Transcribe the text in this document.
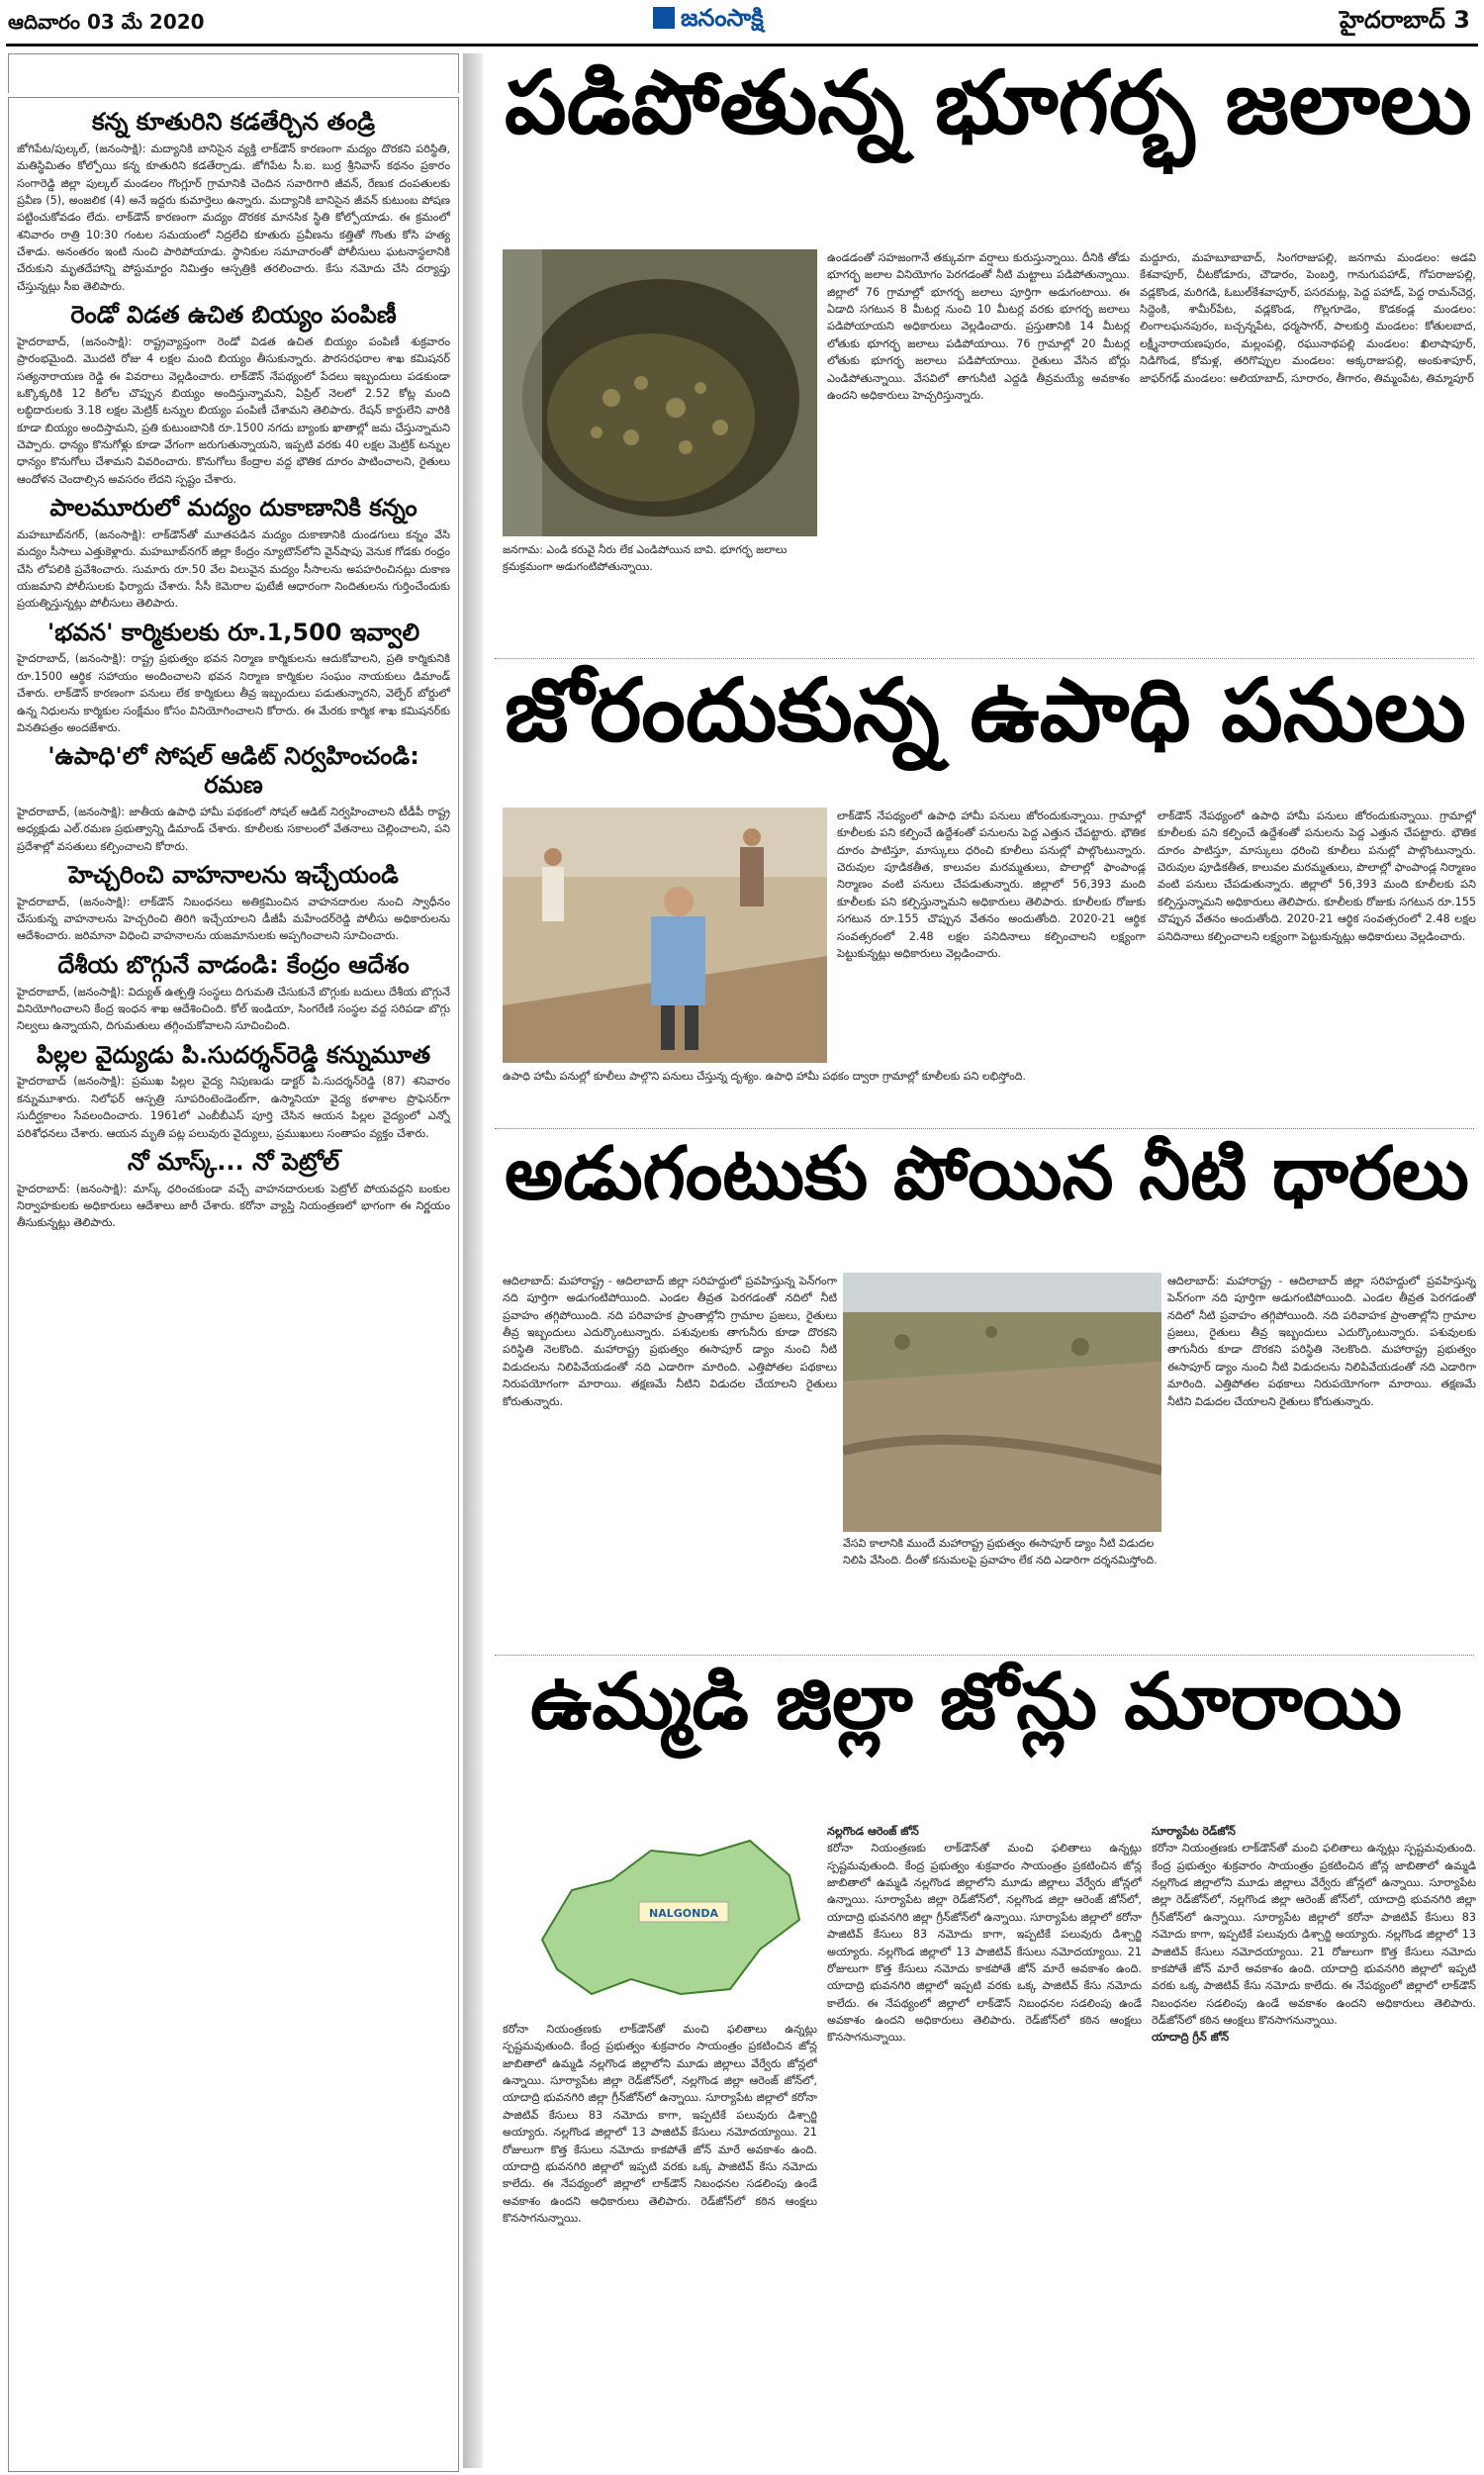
ఆదివారం 03 మే 2020	జనంసాక్షి	హైదరాబాద్ 3
కన్న కూతురిని కడతేర్చిన తండ్రి

జోగిపేట/పుల్కల్‌, (జనంసాక్షి): మద్యానికి బానిసైన వ్యక్తి లాక్‌డౌన్‌ కారణంగా మద్యం దొరకని పరిస్థితి, మతిస్థిమితం కోల్పోయి కన్న కూతురిని కడతేర్చాడు. జోగిపేట సీ.ఐ. బుర్ర శ్రీనివాస్‌ కథనం ప్రకారం సంగారెడ్డి జిల్లా పుల్కల్‌ మండలం గొంగ్లూర్‌ గ్రామానికి చెందిన సవారిగారి జీవన్‌, రేణుక దంపతులకు ప్రవీణ (5), అంజలిక (4) అనే ఇద్దరు కుమార్తెలు ఉన్నారు. మద్యానికి బానిసైన జీవన్‌ కుటుంబ పోషణ పట్టించుకోవడం లేదు. లాక్‌డౌన్‌ కారణంగా మద్యం దొరకక మానసిక స్థితి కోల్పోయాడు. ఈ క్రమంలో శనివారం రాత్రి 10:30 గంటల సమయంలో నిద్రలేచి కూతురు ప్రవీణను కత్తితో గొంతు కోసి హత్య చేశాడు. అనంతరం ఇంటి నుంచి పారిపోయాడు. స్థానికుల సమాచారంతో పోలీసులు ఘటనాస్థలానికి చేరుకుని మృతదేహాన్ని పోస్టుమార్టం నిమిత్తం ఆస్పత్రికి తరలించారు. కేసు నమోదు చేసి దర్యాప్తు చేస్తున్నట్లు సీఐ తెలిపారు.

రెండో విడత ఉచిత బియ్యం పంపిణీ

హైదరాబాద్‌, (జనంసాక్షి): రాష్ట్రవ్యాప్తంగా రెండో విడత ఉచిత బియ్యం పంపిణీ శుక్రవారం ప్రారంభమైంది. మొదటి రోజు 4 లక్షల మంది బియ్యం తీసుకున్నారు. పౌరసరఫరాల శాఖ కమిషనర్‌ సత్యనారాయణ రెడ్డి ఈ వివరాలు వెల్లడించారు. లాక్‌డౌన్‌ నేపథ్యంలో పేదలు ఇబ్బందులు పడకుండా ఒక్కొక్కరికి 12 కిలోల చొప్పున బియ్యం అందిస్తున్నామని, ఏప్రిల్‌ నెలలో 2.52 కోట్ల మంది లబ్ధిదారులకు 3.18 లక్షల మెట్రిక్‌ టన్నుల బియ్యం పంపిణీ చేశామని తెలిపారు. రేషన్‌ కార్డులేని వారికి కూడా బియ్యం అందిస్తామని, ప్రతి కుటుంబానికి రూ.1500 నగదు బ్యాంకు ఖాతాల్లో జమ చేస్తున్నామని చెప్పారు. ధాన్యం కొనుగోళ్లు కూడా వేగంగా జరుగుతున్నాయని, ఇప్పటి వరకు 40 లక్షల మెట్రిక్‌ టన్నుల ధాన్యం కొనుగోలు చేశామని వివరించారు. కొనుగోలు కేంద్రాల వద్ద భౌతిక దూరం పాటించాలని, రైతులు ఆందోళన చెందాల్సిన అవసరం లేదని స్పష్టం చేశారు.

పాలమూరులో మద్యం దుకాణానికి కన్నం

మహబూబ్‌నగర్‌, (జనంసాక్షి): లాక్‌డౌన్‌తో మూతపడిన మద్యం దుకాణానికి దుండగులు కన్నం వేసి మద్యం సీసాలు ఎత్తుకెళ్లారు. మహబూబ్‌నగర్‌ జిల్లా కేంద్రం న్యూటౌన్‌లోని వైన్‌షాపు వెనుక గోడకు రంధ్రం చేసి లోపలికి ప్రవేశించారు. సుమారు రూ.50 వేల విలువైన మద్యం సీసాలను అపహరించినట్లు దుకాణ యజమాని పోలీసులకు ఫిర్యాదు చేశారు. సీసీ కెమెరాల ఫుటేజీ ఆధారంగా నిందితులను గుర్తించేందుకు ప్రయత్నిస్తున్నట్లు పోలీసులు తెలిపారు.

'భవన' కార్మికులకు రూ.1,500 ఇవ్వాలి

హైదరాబాద్‌, (జనంసాక్షి): రాష్ట్ర ప్రభుత్వం భవన నిర్మాణ కార్మికులను ఆదుకోవాలని, ప్రతి కార్మికునికి రూ.1500 ఆర్థిక సహాయం అందించాలని భవన నిర్మాణ కార్మికుల సంఘం నాయకులు డిమాండ్‌ చేశారు. లాక్‌డౌన్‌ కారణంగా పనులు లేక కార్మికులు తీవ్ర ఇబ్బందులు పడుతున్నారని, వెల్ఫేర్‌ బోర్డులో ఉన్న నిధులను కార్మికుల సంక్షేమం కోసం వినియోగించాలని కోరారు. ఈ మేరకు కార్మిక శాఖ కమిషనర్‌కు వినతిపత్రం అందజేశారు.

'ఉపాధి'లో సోషల్‌ ఆడిట్‌ నిర్వహించండి: రమణ

హైదరాబాద్‌, (జనంసాక్షి): జాతీయ ఉపాధి హామీ పథకంలో సోషల్‌ ఆడిట్‌ నిర్వహించాలని టీడీపీ రాష్ట్ర అధ్యక్షుడు ఎల్‌.రమణ ప్రభుత్వాన్ని డిమాండ్‌ చేశారు. కూలీలకు సకాలంలో వేతనాలు చెల్లించాలని, పని ప్రదేశాల్లో వసతులు కల్పించాలని కోరారు.

హెచ్చరించి వాహనాలను ఇచ్చేయండి

హైదరాబాద్‌, (జనంసాక్షి): లాక్‌డౌన్‌ నిబంధనలు అతిక్రమించిన వాహనదారుల నుంచి స్వాధీనం చేసుకున్న వాహనాలను హెచ్చరించి తిరిగి ఇచ్చేయాలని డీజీపీ మహేందర్‌రెడ్డి పోలీసు అధికారులను ఆదేశించారు. జరిమానా విధించి వాహనాలను యజమానులకు అప్పగించాలని సూచించారు.

దేశీయ బొగ్గునే వాడండి: కేంద్రం ఆదేశం

హైదరాబాద్‌, (జనంసాక్షి): విద్యుత్‌ ఉత్పత్తి సంస్థలు దిగుమతి చేసుకునే బొగ్గుకు బదులు దేశీయ బొగ్గునే వినియోగించాలని కేంద్ర ఇంధన శాఖ ఆదేశించింది. కోల్‌ ఇండియా, సింగరేణి సంస్థల వద్ద సరిపడా బొగ్గు నిల్వలు ఉన్నాయని, దిగుమతులు తగ్గించుకోవాలని సూచించింది.

పిల్లల వైద్యుడు పి.సుదర్శన్‌రెడ్డి కన్నుమూత

హైదరాబాద్‌ (జనంసాక్షి): ప్రముఖ పిల్లల వైద్య నిపుణుడు డాక్టర్‌ పి.సుదర్శన్‌రెడ్డి (87) శనివారం కన్నుమూశారు. నిలోఫర్‌ ఆస్పత్రి సూపరింటెండెంట్‌గా, ఉస్మానియా వైద్య కళాశాల ప్రొఫెసర్‌గా సుదీర్ఘకాలం సేవలందించారు. 1961లో ఎంబీబీఎస్‌ పూర్తి చేసిన ఆయన పిల్లల వైద్యంలో ఎన్నో పరిశోధనలు చేశారు. ఆయన మృతి పట్ల పలువురు వైద్యులు, ప్రముఖులు సంతాపం వ్యక్తం చేశారు.

నో మాస్క్‌... నో పెట్రోల్‌

హైదరాబాద్‌: (జనంసాక్షి): మాస్క్‌ ధరించకుండా వచ్చే వాహనదారులకు పెట్రోల్‌ పోయవద్దని బంకుల నిర్వాహకులకు అధికారులు ఆదేశాలు జారీ చేశారు. కరోనా వ్యాప్తి నియంత్రణలో భాగంగా ఈ నిర్ణయం తీసుకున్నట్లు తెలిపారు.

పడిపోతున్న భూగర్భ జలాలు
జనగామ: ఎండి కరువై నీరు లేక ఎండిపోయిన బావి. భూగర్భ జలాలు క్రమక్రమంగా అడుగంటిపోతున్నాయి.
ఉండడంతో సహజంగానే తక్కువగా వర్షాలు కురుస్తున్నాయి. దీనికి తోడు భూగర్భ జలాల వినియోగం పెరగడంతో నీటి మట్టాలు పడిపోతున్నాయి. జిల్లాలో 76 గ్రామాల్లో భూగర్భ జలాలు పూర్తిగా అడుగంటాయి. ఈ ఏడాది సగటున 8 మీటర్ల నుంచి 10 మీటర్ల వరకు భూగర్భ జలాలు పడిపోయాయని అధికారులు వెల్లడించారు. ప్రస్తుతానికి 14 మీటర్ల లోతుకు భూగర్భ జలాలు పడిపోయాయి. 76 గ్రామాల్లో 20 మీటర్ల లోతుకు భూగర్భ జలాలు పడిపోయాయి. రైతులు వేసిన బోర్లు ఎండిపోతున్నాయి. వేసవిలో తాగునీటి ఎద్దడి తీవ్రమయ్యే అవకాశం ఉందని అధికారులు హెచ్చరిస్తున్నారు.
మద్దూరు, మహబూబాబాద్‌, సింగరాజుపల్లి, జనగామ మండలం: అడవి కేశవాపూర్‌, చీటకోడూరు, చౌడారం, పెంబర్తి, గానుగుపహాడ్‌, గోపరాజుపల్లి, వడ్లకొండ, మరిగడి, ఓబుల్‌కేశవాపూర్‌, పసరమట్ల, పెద్ద పహాడ్‌, పెద్ద రామన్‌చెర్ల, సిద్దెంకి, శామీర్‌పేట, వడ్లకొండ, గొల్లగూడెం, కొడకండ్ల మండలం: లింగాలఘనపురం, బచ్చన్నపేట, ధర్మసాగర్‌, పాలకుర్తి మండలం: కోతులబాద, లక్ష్మీనారాయణపురం, మల్లంపల్లి, రఘునాథపల్లి మండలం: ఖిలాషాపూర్‌, నిడిగొండ, కోమళ్ల, తరిగొప్పుల మండలం: అక్కరాజుపల్లి, అంకుశాపూర్‌, జాఫర్‌గఢ్‌ మండలం: అలియాబాద్‌, సూరారం, తీగారం, తిమ్మంపేట, తిమ్మాపూర్‌
జోరందుకున్న ఉపాధి పనులు
ఉపాధి హామీ పనుల్లో కూలీలు పాల్గొని పనులు చేస్తున్న దృశ్యం. ఉపాధి హామీ పథకం ద్వారా గ్రామాల్లో కూలీలకు పని లభిస్తోంది.
లాక్‌డౌన్‌ నేపథ్యంలో ఉపాధి హామీ పనులు జోరందుకున్నాయి. గ్రామాల్లో కూలీలకు పని కల్పించే ఉద్దేశంతో పనులను పెద్ద ఎత్తున చేపట్టారు. భౌతిక దూరం పాటిస్తూ, మాస్కులు ధరించి కూలీలు పనుల్లో పాల్గొంటున్నారు. చెరువుల పూడికతీత, కాలువల మరమ్మతులు, పొలాల్లో ఫాంపాండ్ల నిర్మాణం వంటి పనులు చేపడుతున్నారు. జిల్లాలో 56,393 మంది కూలీలకు పని కల్పిస్తున్నామని అధికారులు తెలిపారు. కూలీలకు రోజుకు సగటున రూ.155 చొప్పున వేతనం అందుతోంది. 2020-21 ఆర్థిక సంవత్సరంలో 2.48 లక్షల పనిదినాలు కల్పించాలని లక్ష్యంగా పెట్టుకున్నట్లు అధికారులు వెల్లడించారు.
లాక్‌డౌన్‌ నేపథ్యంలో ఉపాధి హామీ పనులు జోరందుకున్నాయి. గ్రామాల్లో కూలీలకు పని కల్పించే ఉద్దేశంతో పనులను పెద్ద ఎత్తున చేపట్టారు. భౌతిక దూరం పాటిస్తూ, మాస్కులు ధరించి కూలీలు పనుల్లో పాల్గొంటున్నారు. చెరువుల పూడికతీత, కాలువల మరమ్మతులు, పొలాల్లో ఫాంపాండ్ల నిర్మాణం వంటి పనులు చేపడుతున్నారు. జిల్లాలో 56,393 మంది కూలీలకు పని కల్పిస్తున్నామని అధికారులు తెలిపారు. కూలీలకు రోజుకు సగటున రూ.155 చొప్పున వేతనం అందుతోంది. 2020-21 ఆర్థిక సంవత్సరంలో 2.48 లక్షల పనిదినాలు కల్పించాలని లక్ష్యంగా పెట్టుకున్నట్లు అధికారులు వెల్లడించారు.
అడుగంటుకు పోయిన నీటి ధారలు
ఆదిలాబాద్‌: మహారాష్ట్ర - ఆదిలాబాద్‌ జిల్లా సరిహద్దులో ప్రవహిస్తున్న పెన్‌గంగా నది పూర్తిగా అడుగంటిపోయింది. ఎండల తీవ్రత పెరగడంతో నదిలో నీటి ప్రవాహం తగ్గిపోయింది. నది పరివాహక ప్రాంతాల్లోని గ్రామాల ప్రజలు, రైతులు తీవ్ర ఇబ్బందులు ఎదుర్కొంటున్నారు. పశువులకు తాగునీరు కూడా దొరకని పరిస్థితి నెలకొంది. మహారాష్ట్ర ప్రభుత్వం ఈసాపూర్‌ డ్యాం నుంచి నీటి విడుదలను నిలిపివేయడంతో నది ఎడారిగా మారింది. ఎత్తిపోతల పథకాలు నిరుపయోగంగా మారాయి. తక్షణమే నీటిని విడుదల చేయాలని రైతులు కోరుతున్నారు.
వేసవి కాలానికి ముందే మహారాష్ట్ర ప్రభుత్వం ఈసాపూర్‌ డ్యాం నీటి విడుదల నిలిపి వేసింది. దీంతో కనుమలపై ప్రవాహం లేక నది ఎడారిగా దర్శనమిస్తోంది.
ఆదిలాబాద్‌: మహారాష్ట్ర - ఆదిలాబాద్‌ జిల్లా సరిహద్దులో ప్రవహిస్తున్న పెన్‌గంగా నది పూర్తిగా అడుగంటిపోయింది. ఎండల తీవ్రత పెరగడంతో నదిలో నీటి ప్రవాహం తగ్గిపోయింది. నది పరివాహక ప్రాంతాల్లోని గ్రామాల ప్రజలు, రైతులు తీవ్ర ఇబ్బందులు ఎదుర్కొంటున్నారు. పశువులకు తాగునీరు కూడా దొరకని పరిస్థితి నెలకొంది. మహారాష్ట్ర ప్రభుత్వం ఈసాపూర్‌ డ్యాం నుంచి నీటి విడుదలను నిలిపివేయడంతో నది ఎడారిగా మారింది. ఎత్తిపోతల పథకాలు నిరుపయోగంగా మారాయి. తక్షణమే నీటిని విడుదల చేయాలని రైతులు కోరుతున్నారు.
ఉమ్మడి జిల్లా జోన్లు మారాయి
NALGONDA
కరోనా నియంత్రణకు లాక్‌డౌన్‌తో మంచి ఫలితాలు ఉన్నట్లు స్పష్టమవుతుంది. కేంద్ర ప్రభుత్వం శుక్రవారం సాయంత్రం ప్రకటించిన జోన్ల జాబితాలో ఉమ్మడి నల్లగొండ జిల్లాలోని మూడు జిల్లాలు వేర్వేరు జోన్లలో ఉన్నాయి. సూర్యాపేట జిల్లా రెడ్‌జోన్‌లో, నల్లగొండ జిల్లా ఆరెంజ్‌ జోన్‌లో, యాదాద్రి భువనగిరి జిల్లా గ్రీన్‌జోన్‌లో ఉన్నాయి. సూర్యాపేట జిల్లాలో కరోనా పాజిటివ్‌ కేసులు 83 నమోదు కాగా, ఇప్పటికే పలువురు డిశ్చార్జి అయ్యారు. నల్లగొండ జిల్లాలో 13 పాజిటివ్‌ కేసులు నమోదయ్యాయి. 21 రోజులుగా కొత్త కేసులు నమోదు కాకపోతే జోన్‌ మారే అవకాశం ఉంది. యాదాద్రి భువనగిరి జిల్లాలో ఇప్పటి వరకు ఒక్క పాజిటివ్‌ కేసు నమోదు కాలేదు. ఈ నేపథ్యంలో జిల్లాలో లాక్‌డౌన్‌ నిబంధనల సడలింపు ఉండే అవకాశం ఉందని అధికారులు తెలిపారు. రెడ్‌జోన్‌లో కఠిన ఆంక్షలు కొనసాగనున్నాయి.
నల్లగొండ ఆరెంజ్‌ జోన్‌
కరోనా నియంత్రణకు లాక్‌డౌన్‌తో మంచి ఫలితాలు ఉన్నట్లు స్పష్టమవుతుంది. కేంద్ర ప్రభుత్వం శుక్రవారం సాయంత్రం ప్రకటించిన జోన్ల జాబితాలో ఉమ్మడి నల్లగొండ జిల్లాలోని మూడు జిల్లాలు వేర్వేరు జోన్లలో ఉన్నాయి. సూర్యాపేట జిల్లా రెడ్‌జోన్‌లో, నల్లగొండ జిల్లా ఆరెంజ్‌ జోన్‌లో, యాదాద్రి భువనగిరి జిల్లా గ్రీన్‌జోన్‌లో ఉన్నాయి. సూర్యాపేట జిల్లాలో కరోనా పాజిటివ్‌ కేసులు 83 నమోదు కాగా, ఇప్పటికే పలువురు డిశ్చార్జి అయ్యారు. నల్లగొండ జిల్లాలో 13 పాజిటివ్‌ కేసులు నమోదయ్యాయి. 21 రోజులుగా కొత్త కేసులు నమోదు కాకపోతే జోన్‌ మారే అవకాశం ఉంది. యాదాద్రి భువనగిరి జిల్లాలో ఇప్పటి వరకు ఒక్క పాజిటివ్‌ కేసు నమోదు కాలేదు. ఈ నేపథ్యంలో జిల్లాలో లాక్‌డౌన్‌ నిబంధనల సడలింపు ఉండే అవకాశం ఉందని అధికారులు తెలిపారు. రెడ్‌జోన్‌లో కఠిన ఆంక్షలు కొనసాగనున్నాయి.
సూర్యాపేట రెడ్‌జోన్‌
కరోనా నియంత్రణకు లాక్‌డౌన్‌తో మంచి ఫలితాలు ఉన్నట్లు స్పష్టమవుతుంది. కేంద్ర ప్రభుత్వం శుక్రవారం సాయంత్రం ప్రకటించిన జోన్ల జాబితాలో ఉమ్మడి నల్లగొండ జిల్లాలోని మూడు జిల్లాలు వేర్వేరు జోన్లలో ఉన్నాయి. సూర్యాపేట జిల్లా రెడ్‌జోన్‌లో, నల్లగొండ జిల్లా ఆరెంజ్‌ జోన్‌లో, యాదాద్రి భువనగిరి జిల్లా గ్రీన్‌జోన్‌లో ఉన్నాయి. సూర్యాపేట జిల్లాలో కరోనా పాజిటివ్‌ కేసులు 83 నమోదు కాగా, ఇప్పటికే పలువురు డిశ్చార్జి అయ్యారు. నల్లగొండ జిల్లాలో 13 పాజిటివ్‌ కేసులు నమోదయ్యాయి. 21 రోజులుగా కొత్త కేసులు నమోదు కాకపోతే జోన్‌ మారే అవకాశం ఉంది. యాదాద్రి భువనగిరి జిల్లాలో ఇప్పటి వరకు ఒక్క పాజిటివ్‌ కేసు నమోదు కాలేదు. ఈ నేపథ్యంలో జిల్లాలో లాక్‌డౌన్‌ నిబంధనల సడలింపు ఉండే అవకాశం ఉందని అధికారులు తెలిపారు. రెడ్‌జోన్‌లో కఠిన ఆంక్షలు కొనసాగనున్నాయి.
యాదాద్రి గ్రీన్‌ జోన్‌
